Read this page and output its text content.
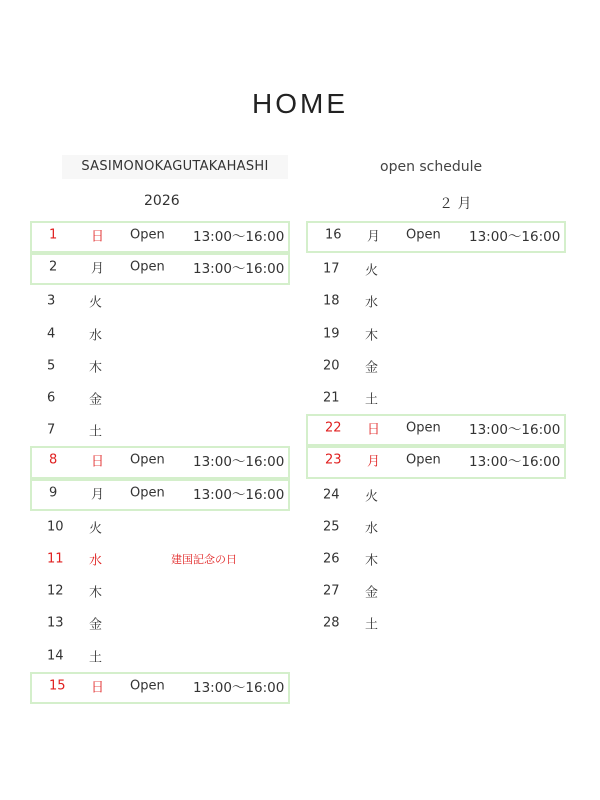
HOME
SASIMONOKAGUTAKAHASHI	open schedule
2026	２ 月
1	日 Open 13:00〜16:00
2	月 Open 13:00〜16:00
3	火
4	水
5	木
6	金
7	土
8	日 Open 13:00〜16:00
9	月 Open 13:00〜16:00
10 火
11 水	建国記念の日
12 木
13 金
14 土
15 日 Open 13:00〜16:00
16 月 Open 13:00〜16:00
17 火
18 水
19 木
20 金
21 土
22 日 Open 13:00〜16:00
23 月 Open 13:00〜16:00
24 火
25 水
26 木
27 金
28 土
